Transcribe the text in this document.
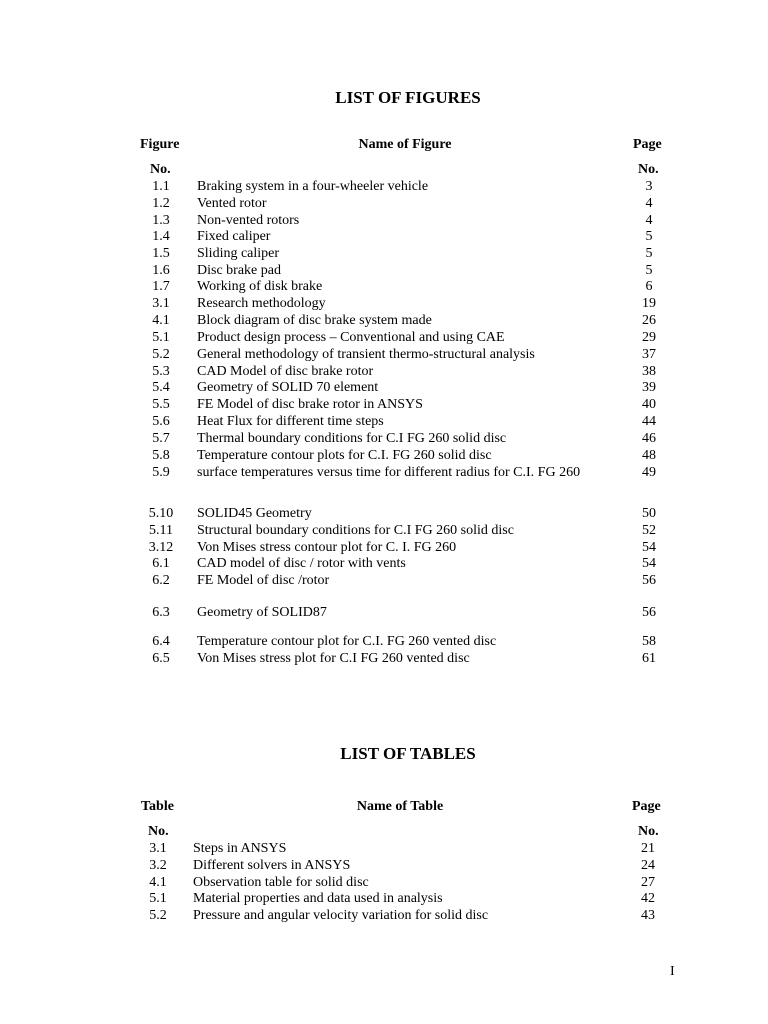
LIST OF FIGURES
Figure	Name of Figure	Page
No.	No.
1.1	Braking system in a four-wheeler vehicle	3
1.2	Vented rotor	4
1.3	Non-vented rotors	4
1.4	Fixed caliper	5
1.5	Sliding caliper	5
1.6	Disc brake pad	5
1.7	Working of disk brake	6
3.1	Research methodology	19
4.1	Block diagram of disc brake system made	26
5.1	Product design process – Conventional and using CAE	29
5.2	General methodology of transient thermo-structural analysis	37
5.3	CAD Model of disc brake rotor	38
5.4	Geometry of SOLID 70 element	39
5.5	FE Model of disc brake rotor in ANSYS	40
5.6	Heat Flux for different time steps	44
5.7	Thermal boundary conditions for C.I FG 260 solid disc	46
5.8	Temperature contour plots for C.I. FG 260 solid disc	48
5.9	surface temperatures versus time for different radius for C.I. FG 260	49
5.10	SOLID45 Geometry	50
5.11	Structural boundary conditions for C.I FG 260 solid disc	52
3.12	Von Mises stress contour plot for C. I. FG 260	54
6.1	CAD model of disc / rotor with vents	54
6.2	FE Model of disc /rotor	56
6.3	Geometry of SOLID87	56
6.4	Temperature contour plot for C.I. FG 260 vented disc	58
6.5	Von Mises stress plot for C.I FG 260 vented disc	61
LIST OF TABLES
Table	Name of Table	Page
No.	No.
3.1	Steps in ANSYS	21
3.2	Different solvers in ANSYS	24
4.1	Observation table for solid disc	27
5.1	Material properties and data used in analysis	42
5.2	Pressure and angular velocity variation for solid disc	43
I
